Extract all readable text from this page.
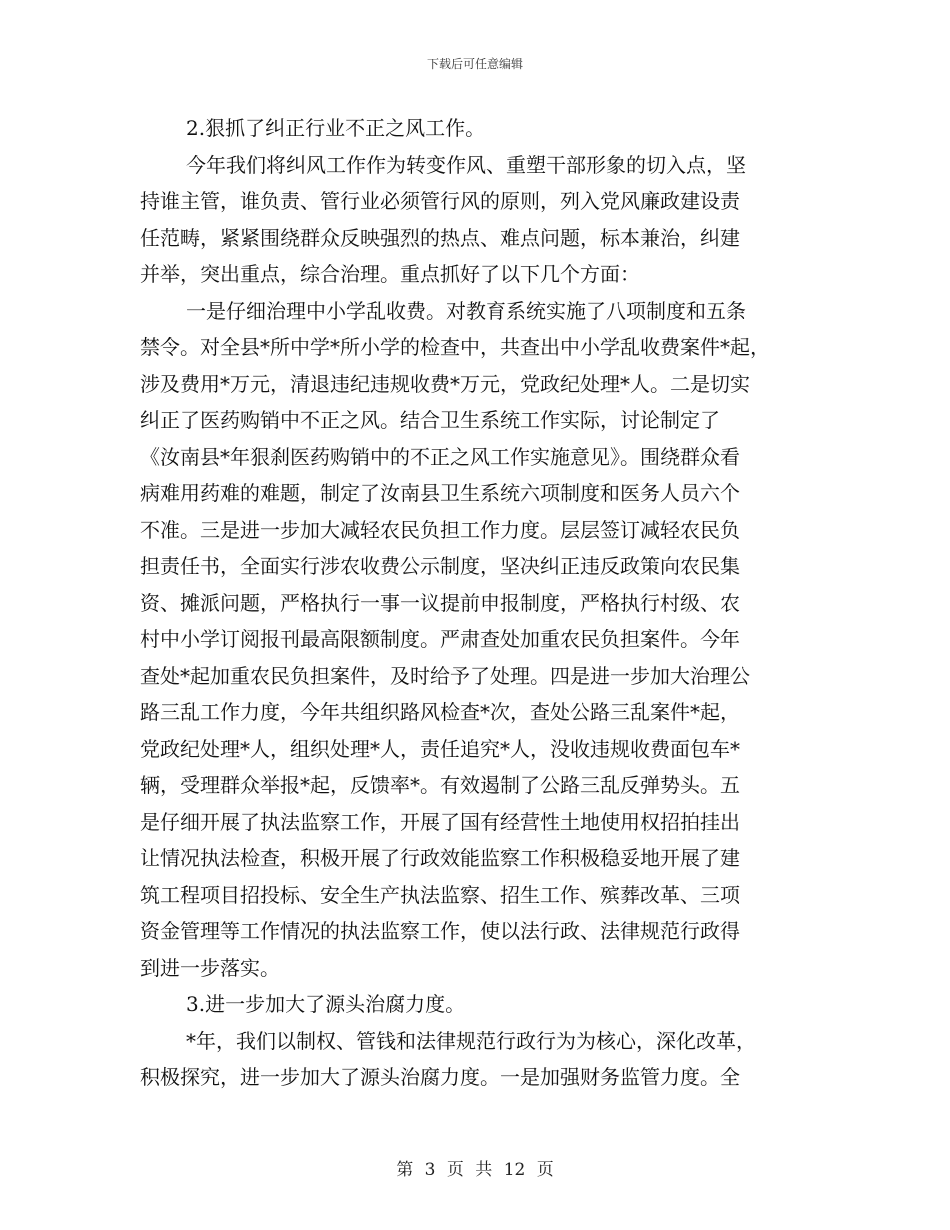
下载后可任意编辑
2.狠抓了纠正行业不正之风工作。
今年我们将纠风工作作为转变作风、重塑干部形象的切入点，坚
持谁主管，谁负责、管行业必须管行风的原则，列入党风廉政建设责
任范畴，紧紧围绕群众反映强烈的热点、难点问题，标本兼治，纠建
并举，突出重点，综合治理。重点抓好了以下几个方面：
一是仔细治理中小学乱收费。对教育系统实施了八项制度和五条
禁令。对全县*所中学*所小学的检查中，共查出中小学乱收费案件*起，
涉及费用*万元，清退违纪违规收费*万元，党政纪处理*人。二是切实
纠正了医药购销中不正之风。结合卫生系统工作实际，讨论制定了
《汝南县*年狠刹医药购销中的不正之风工作实施意见》。围绕群众看
病难用药难的难题，制定了汝南县卫生系统六项制度和医务人员六个
不准。三是进一步加大减轻农民负担工作力度。层层签订减轻农民负
担责任书，全面实行涉农收费公示制度，坚决纠正违反政策向农民集
资、摊派问题，严格执行一事一议提前申报制度，严格执行村级、农
村中小学订阅报刊最高限额制度。严肃查处加重农民负担案件。今年
查处*起加重农民负担案件，及时给予了处理。四是进一步加大治理公
路三乱工作力度，今年共组织路风检查*次，查处公路三乱案件*起，
党政纪处理*人，组织处理*人，责任追究*人，没收违规收费面包车*
辆，受理群众举报*起，反馈率*。有效遏制了公路三乱反弹势头。五
是仔细开展了执法监察工作，开展了国有经营性土地使用权招拍挂出
让情况执法检查，积极开展了行政效能监察工作积极稳妥地开展了建
筑工程项目招投标、安全生产执法监察、招生工作、殡葬改革、三项
资金管理等工作情况的执法监察工作，使以法行政、法律规范行政得
到进一步落实。
3.进一步加大了源头治腐力度。
*年，我们以制权、管钱和法律规范行政行为为核心，深化改革，
积极探究，进一步加大了源头治腐力度。一是加强财务监管力度。全
第 3 页 共 12 页
